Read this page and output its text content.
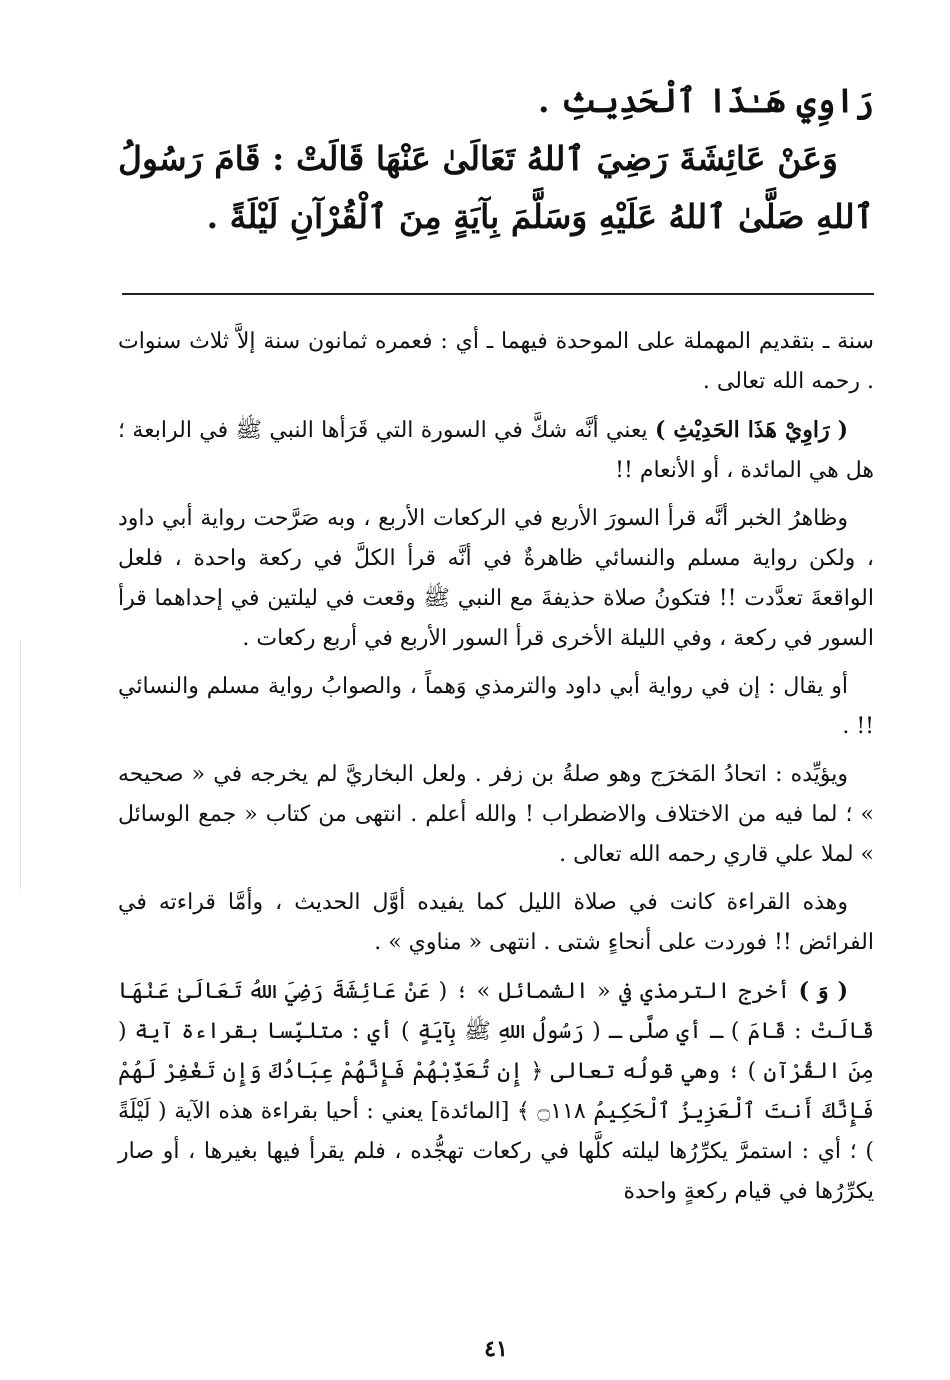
رَاوِي هَـٰذَا ٱلْحَدِيثِ .

وَعَنْ عَائِشَةَ رَضِيَ ٱللهُ تَعَالَىٰ عَنْهَا قَالَتْ : قَامَ رَسُولُ ٱللهِ صَلَّىٰ ٱللهُ عَلَيْهِ وَسَلَّمَ بِآيَةٍ مِنَ ٱلْقُرْآنِ لَيْلَةً .

سنة ـ بتقديم المهملة على الموحدة فيهما ـ أي : فعمره ثمانون سنة إلاَّ ثلاث سنوات . رحمه الله تعالى .

( رَاوِيْ هَذَا الحَدِيْثِ ) يعني أنَّه شكَّ في السورة التي قَرَأها النبي ﷺ في الرابعة ؛ هل هي المائدة ، أو الأنعام !!

وظاهرُ الخبر أنَّه قرأ السورَ الأربع في الركعات الأربع ، وبه صَرَّحت رواية أبي داود ، ولكن رواية مسلم والنسائي ظاهرةٌ في أنَّه قرأ الكلَّ في ركعة واحدة ، فلعل الواقعةَ تعدَّدت !! فتكونُ صلاة حذيفةَ مع النبي ﷺ وقعت في ليلتين في إحداهما قرأ السور في ركعة ، وفي الليلة الأخرى قرأ السور الأربع في أربع ركعات .

أو يقال : إن في رواية أبي داود والترمذي وَهماً ، والصوابُ رواية مسلم والنسائي !! .

ويؤيِّده : اتحادُ المَخرَج وهو صلةُ بن زفر . ولعل البخاريَّ لم يخرجه في « صحيحه » ؛ لما فيه من الاختلاف والاضطراب ! والله أعلم . انتهى من كتاب « جمع الوسائل » لملا علي قاري رحمه الله تعالى .

وهذه القراءة كانت في صلاة الليل كما يفيده أوَّل الحديث ، وأمَّا قراءته في الفرائض !! فوردت على أنحاءٍ شتى . انتهى « مناوي » .

( وَ ) أخرج الترمذي في « الشمائل » ؛ ( عَنْ عَائِشَةَ رَضِيَ اللهُ تَعَالَىٰ عَنْهَا قَالَتْ : قَامَ ) ـ أي صلَّى ـ ( رَسُولُ اللهِ ﷺ بِآيَةٍ ) أي : متلبِّسا بقراءة آية ( مِنَ القُرْآنِ ) ؛ وهي قولُه تعالى ﴿ إِن تُعَذِّبْهُمْ فَإِنَّهُمْ عِبَادُكَ وَإِن تَغْفِرْ لَهُمْ فَإِنَّكَ أَنتَ ٱلْعَزِيزُ ٱلْحَكِيمُ ۝١١٨ ﴾ [المائدة] يعني : أحيا بقراءة هذه الآية ( لَيْلَةً ) ؛ أي : استمرَّ يكرِّرُها ليلته كلَّها في ركعات تهجُّده ، فلم يقرأ فيها بغيرها ، أو صار يكرِّرُها في قيام ركعةٍ واحدة

٤١
